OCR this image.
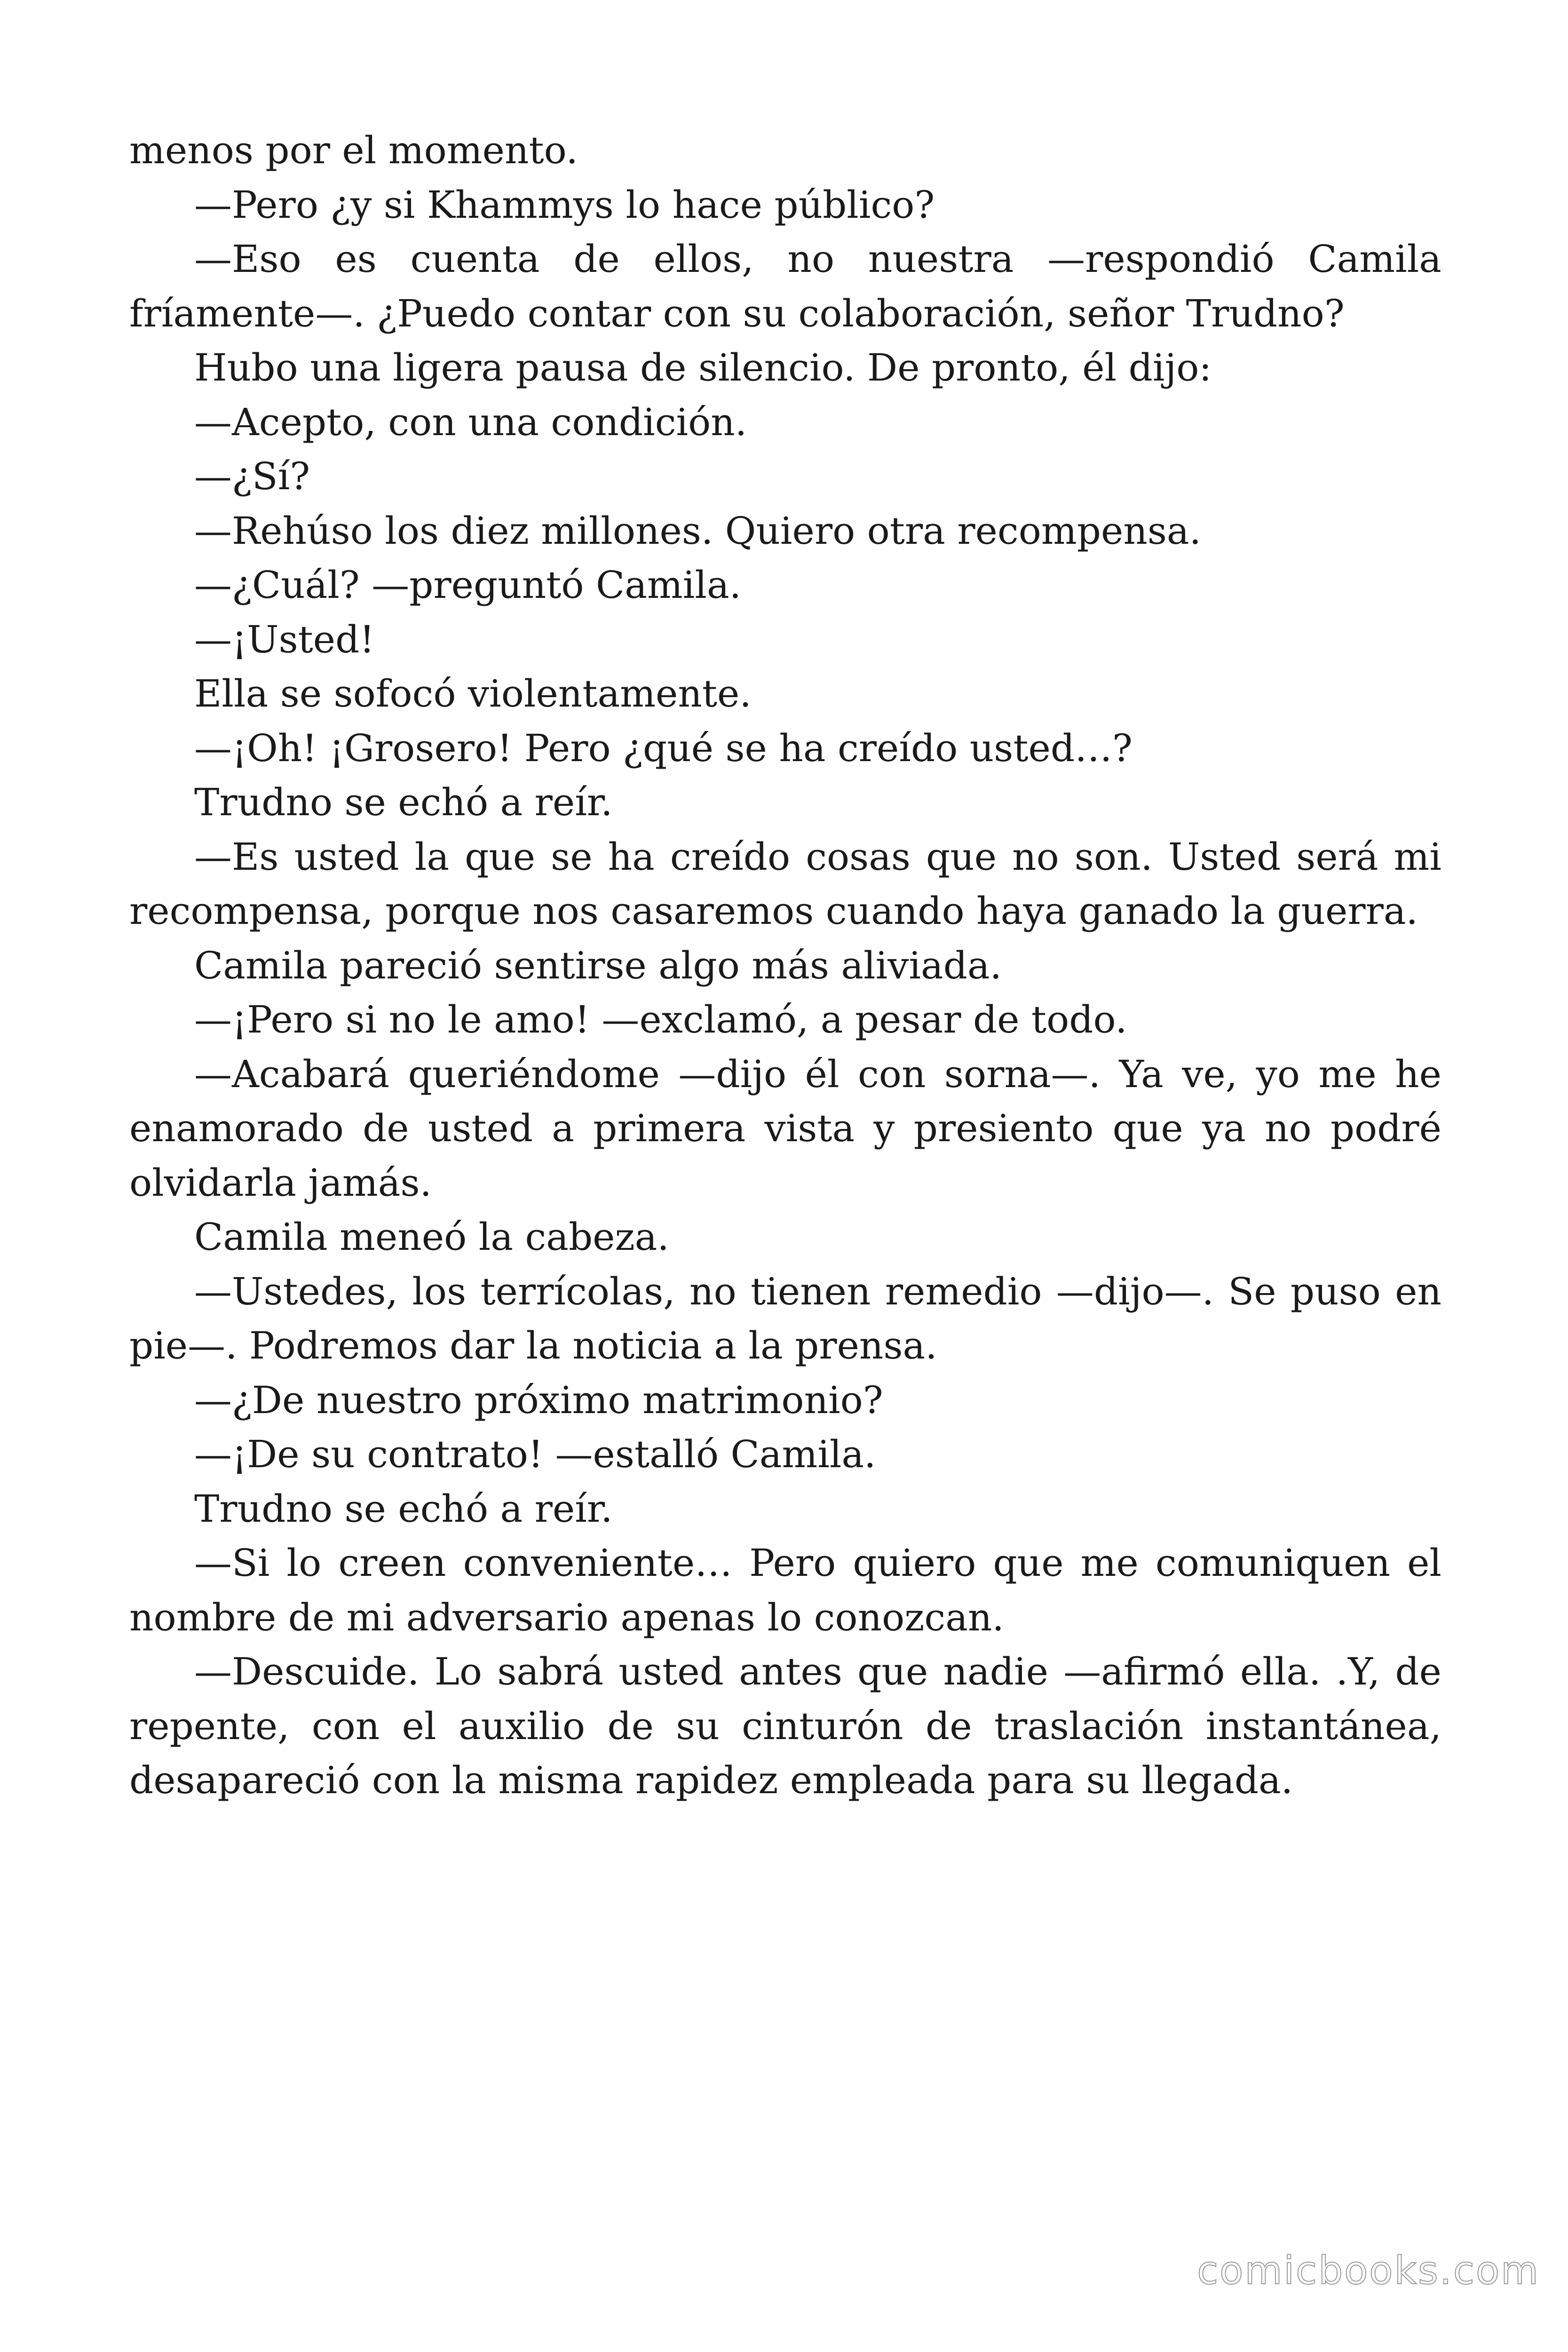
menos por el momento.

—Pero ¿y si Khammys lo hace público?

—Eso es cuenta de ellos, no nuestra —respondió Camila fríamente—. ¿Puedo contar con su colaboración, señor Trudno?

Hubo una ligera pausa de silencio. De pronto, él dijo:

—Acepto, con una condición.

—¿Sí?

—Rehúso los diez millones. Quiero otra recompensa.

—¿Cuál? —preguntó Camila.

—¡Usted!

Ella se sofocó violentamente.

—¡Oh! ¡Grosero! Pero ¿qué se ha creído usted…?

Trudno se echó a reír.

—Es usted la que se ha creído cosas que no son. Usted será mi recompensa, porque nos casaremos cuando haya ganado la guerra.

Camila pareció sentirse algo más aliviada.

—¡Pero si no le amo! —exclamó, a pesar de todo.

—Acabará queriéndome —dijo él con sorna—. Ya ve, yo me he enamorado de usted a primera vista y presiento que ya no podré olvidarla jamás.

Camila meneó la cabeza.

—Ustedes, los terrícolas, no tienen remedio —dijo—. Se puso en pie—. Podremos dar la noticia a la prensa.

—¿De nuestro próximo matrimonio?

—¡De su contrato! —estalló Camila.

Trudno se echó a reír.

—Si lo creen conveniente… Pero quiero que me comuniquen el nombre de mi adversario apenas lo conozcan.

—Descuide. Lo sabrá usted antes que nadie —afirmó ella. .Y, de repente, con el auxilio de su cinturón de traslación instantánea, desapareció con la misma rapidez empleada para su llegada.

comicbooks.com
